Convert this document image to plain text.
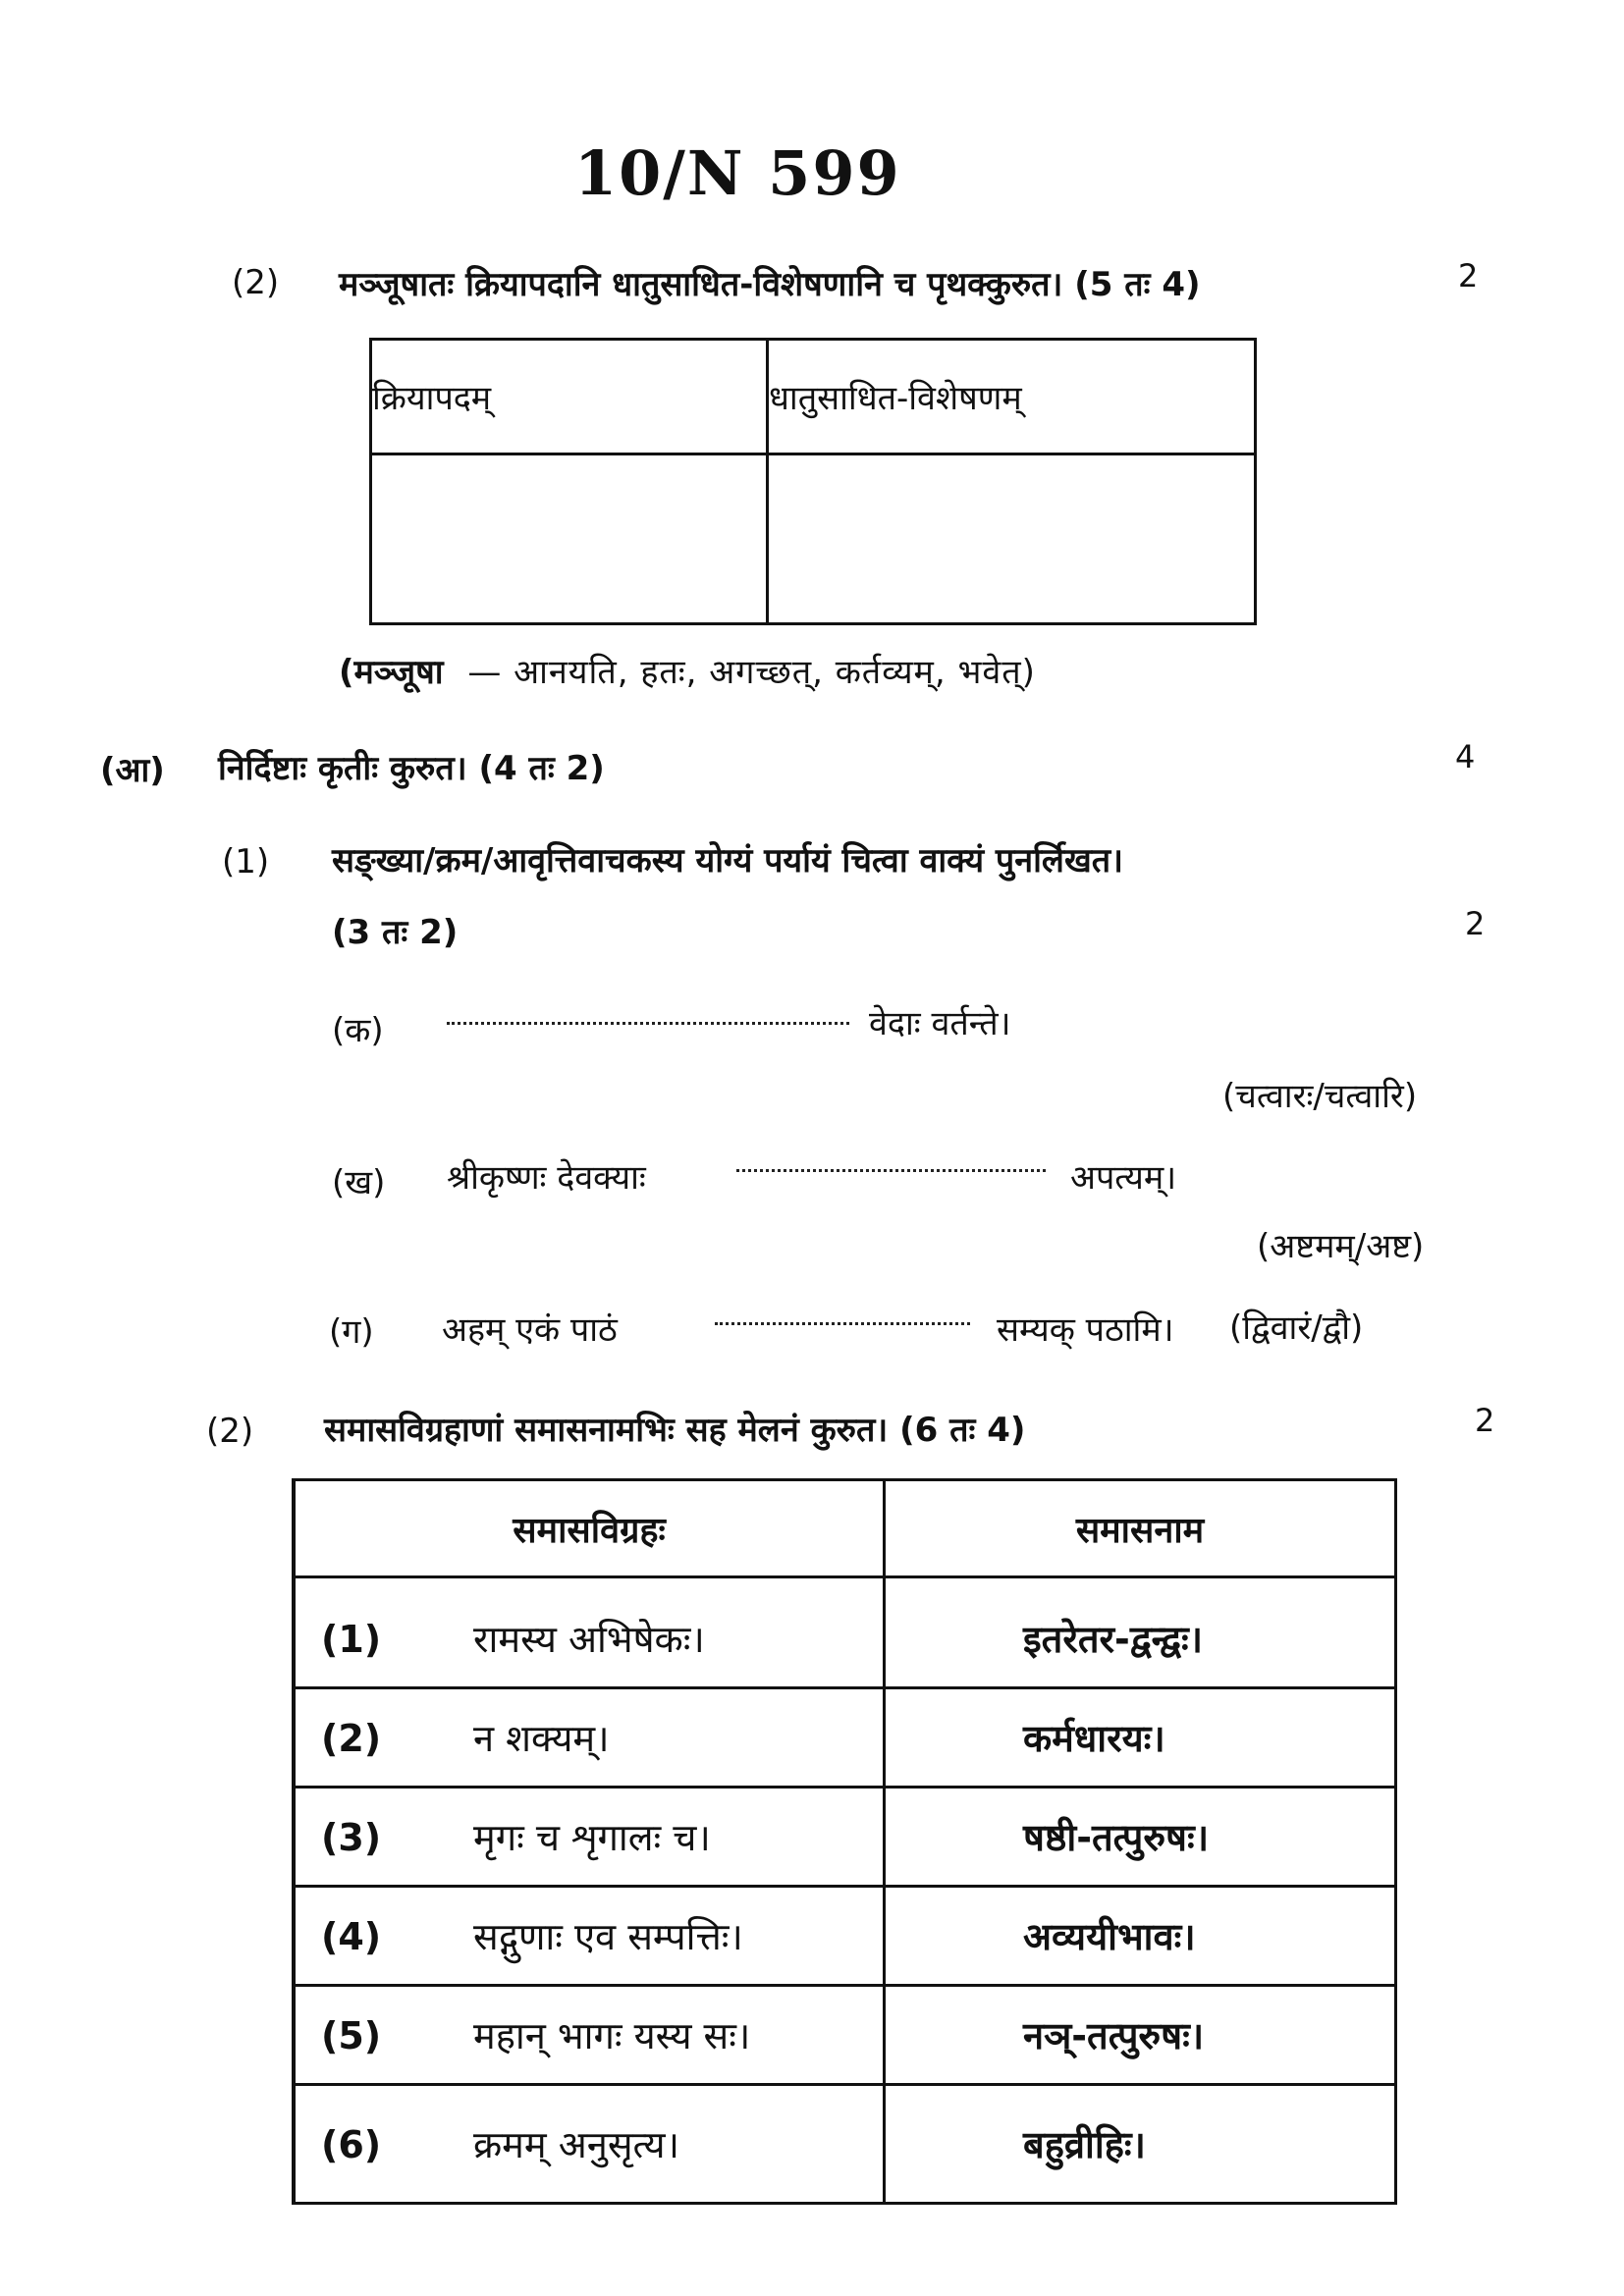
10/N 599
(2) मञ्जूषातः क्रियापदानि धातुसाधित-विशेषणानि च पृथक्कुरुत। (5 तः 4)	2
क्रियापदम्	धातुसाधित-विशेषणम्

(मञ्जूषा — आनयति, हतः, अगच्छत्, कर्तव्यम्, भवेत्)
(आ) निर्दिष्टाः कृतीः कुरुत। (4 तः 2)	4
(1) सङ्ख्या/क्रम/आवृत्तिवाचकस्य योग्यं पर्यायं चित्वा वाक्यं पुनर्लिखत।
(3 तः 2)	2
(क)	वेदाः वर्तन्ते।
(चत्वारः/चत्वारि)
(ख) श्रीकृष्णः देवक्याः	अपत्यम्।
(अष्टमम्/अष्ट)
(ग) अहम् एकं पाठं	सम्यक् पठामि। (द्विवारं/द्वौ)
(2) समासविग्रहाणां समासनामभिः सह मेलनं कुरुत। (6 तः 4)	2
समासविग्रहः	समासनाम
(1) रामस्य अभिषेकः।	इतरेतर-द्वन्द्वः।
(2) न शक्यम्।	कर्मधारयः।
(3) मृगः च शृगालः च।	षष्ठी-तत्पुरुषः।
(4) सद्गुणाः एव सम्पत्तिः।	अव्ययीभावः।
(5) महान् भागः यस्य सः।	नञ्-तत्पुरुषः।
(6) क्रमम् अनुसृत्य।	बहुव्रीहिः।
